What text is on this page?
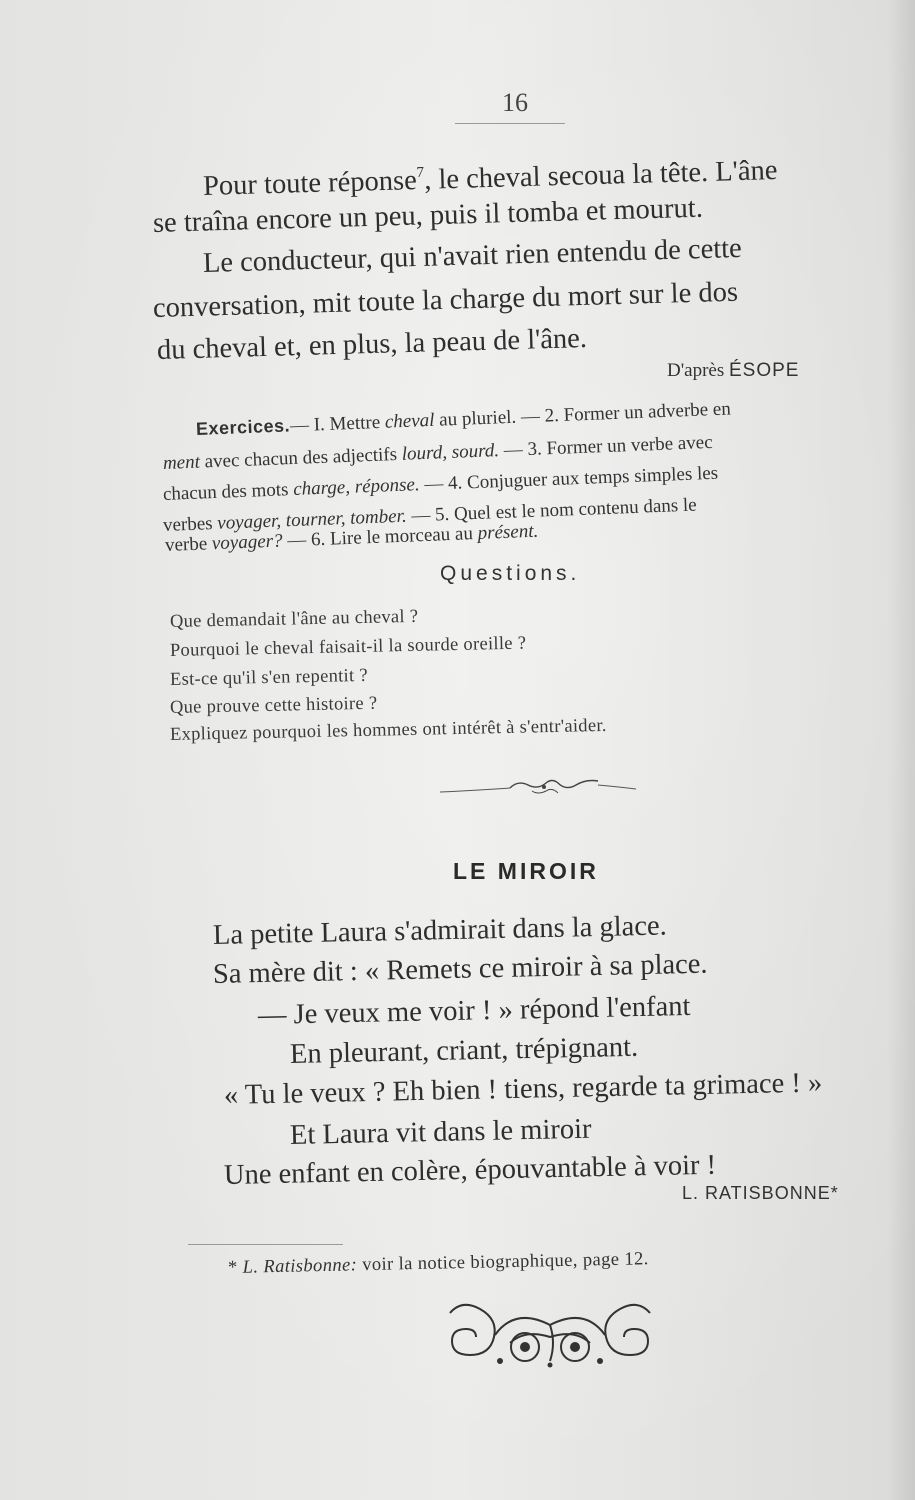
16
Pour toute réponse$^7$, le cheval secoua la tête. L'âne
se traîna encore un peu, puis il tomba et mourut.
Le conducteur, qui n'avait rien entendu de cette
conversation, mit toute la charge du mort sur le dos
du cheval et, en plus, la peau de l'âne.
D'après ÉSOPE
Exercices.— I. Mettre cheval au pluriel. — 2. Former un adverbe en
ment avec chacun des adjectifs lourd, sourd. — 3. Former un verbe avec
chacun des mots charge, réponse. — 4. Conjuguer aux temps simples les
verbes voyager, tourner, tomber. — 5. Quel est le nom contenu dans le
verbe voyager? — 6. Lire le morceau au présent.
Questions.
Que demandait l'âne au cheval ?
Pourquoi le cheval faisait-il la sourde oreille ?
Est-ce qu'il s'en repentit ?
Que prouve cette histoire ?
Expliquez pourquoi les hommes ont intérêt à s'entr'aider.
LE MIROIR
La petite Laura s'admirait dans la glace.
Sa mère dit : « Remets ce miroir à sa place.
— Je veux me voir ! » répond l'enfant
En pleurant, criant, trépignant.
« Tu le veux ? Eh bien ! tiens, regarde ta grimace ! »
Et Laura vit dans le miroir
Une enfant en colère, épouvantable à voir !
L. RATISBONNE*
* L. Ratisbonne: voir la notice biographique, page 12.
